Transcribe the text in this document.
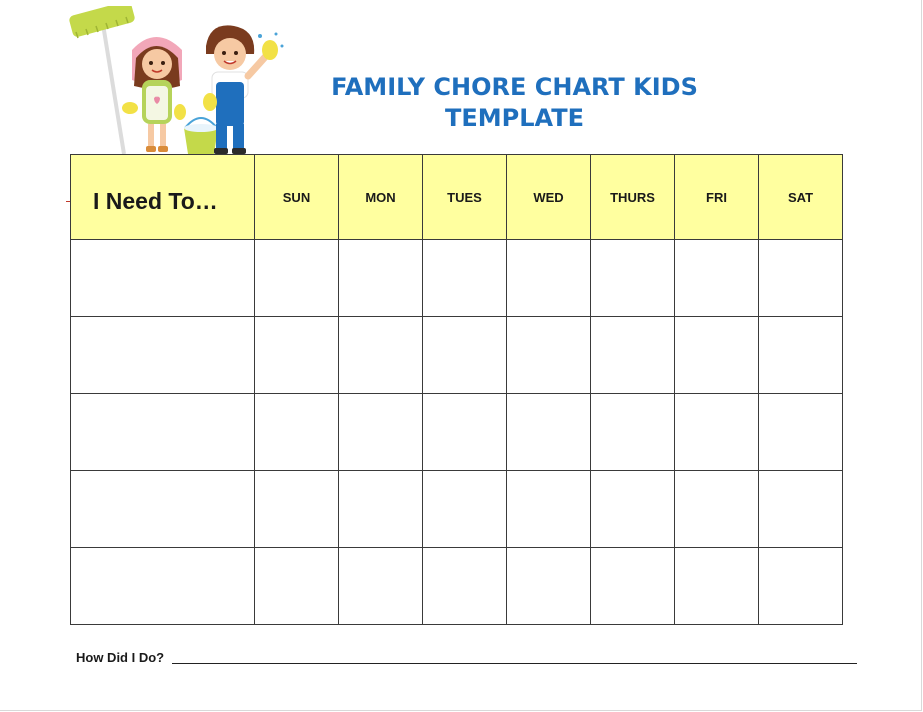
FAMILY CHORE CHART KIDS
TEMPLATE
I Need To…	SUN	MON	TUES	WED	THURS	FRI	SAT

How Did I Do?
